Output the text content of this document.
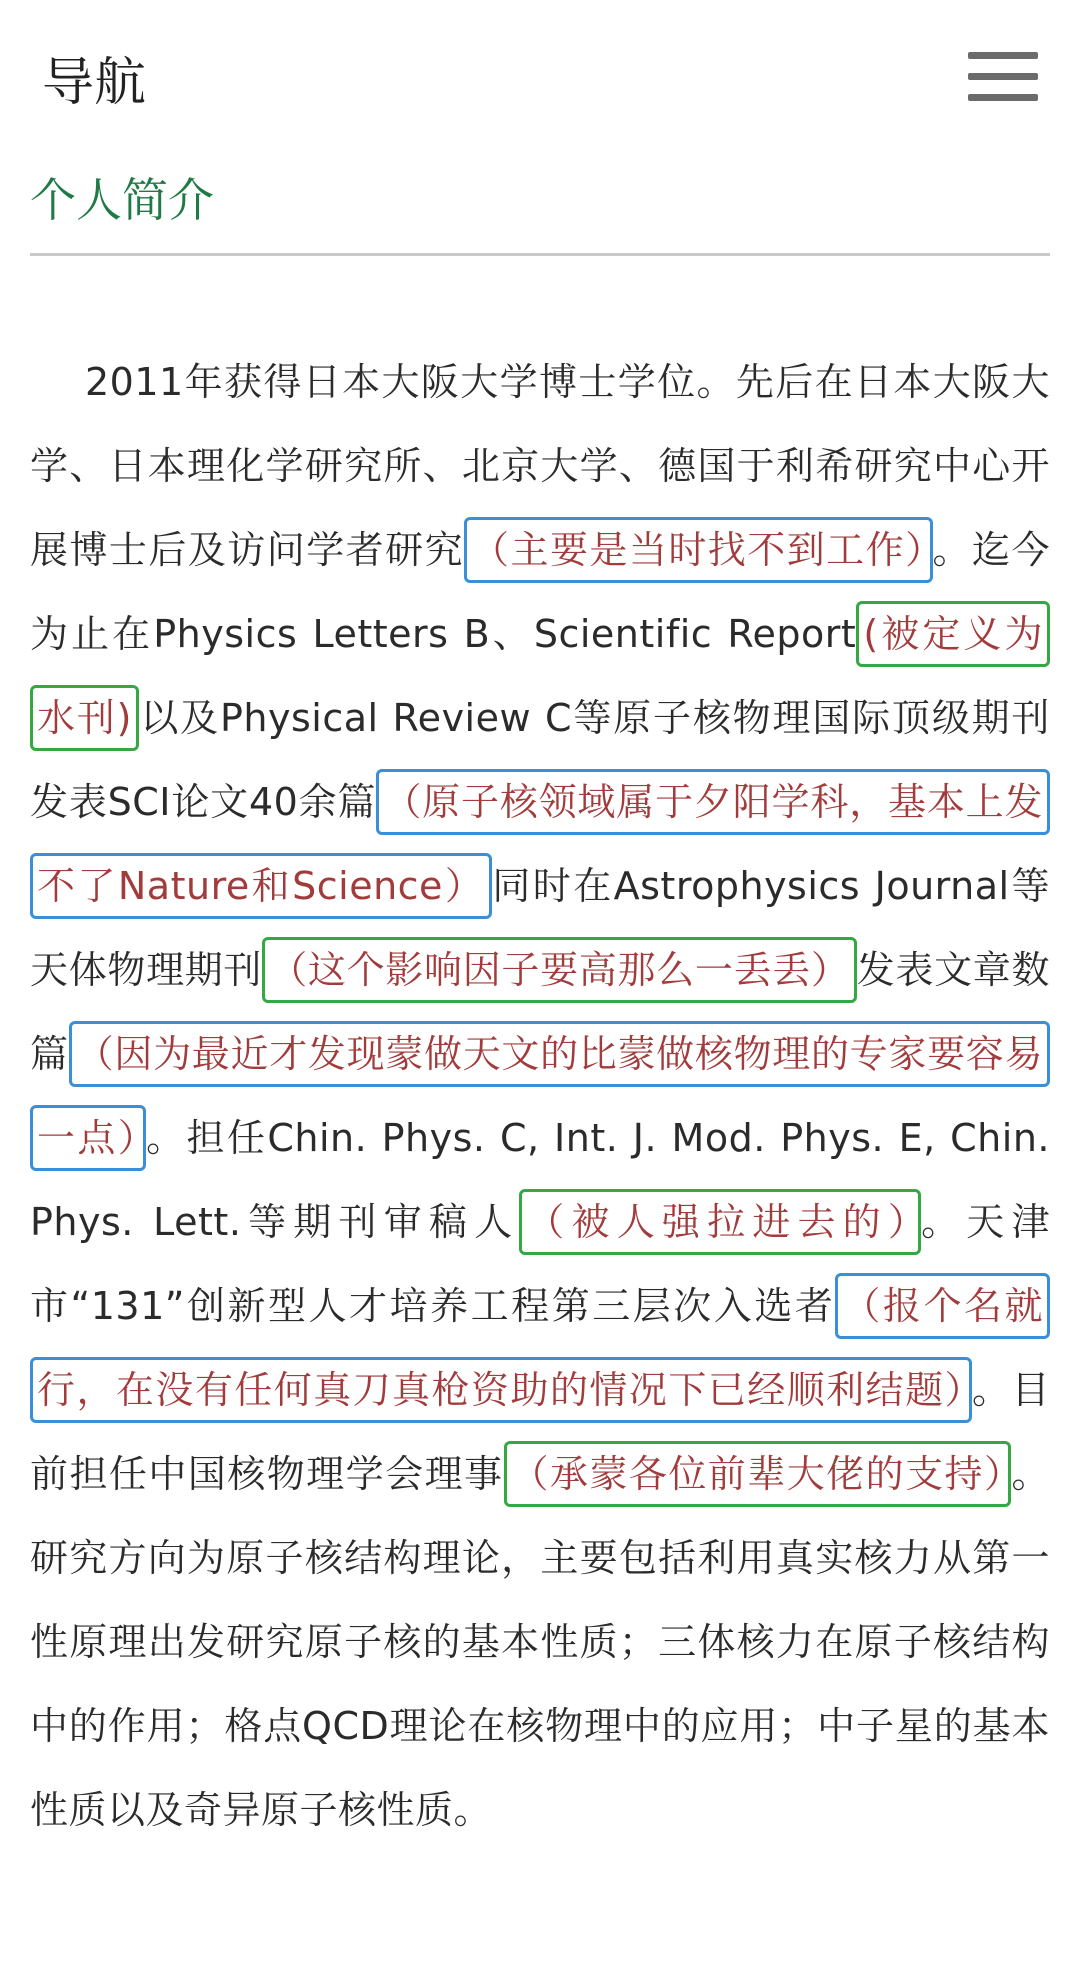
导航
个人简介

2011年获得日本大阪大学博士学位。先后在日本大阪大学、日本理化学研究所、北京大学、德国于利希研究中心开展博士后及访问学者研究 （主要是当时找不到工作） 。迄今为止在Physics Letters B、Scientific Report (被定义为水刊) 以及Physical Review C等原子核物理国际顶级期刊发表SCI论文40余篇 （原子核领域属于夕阳学科，基本上发不了Nature和Science） 同时在Astrophysics Journal等天体物理期刊 （这个影响因子要高那么一丢丢） 发表文章数篇 （因为最近才发现蒙做天文的比蒙做核物理的专家要容易一点） 。担任Chin. Phys. C, Int. J. Mod. Phys. E, Chin. Phys. Lett.等期刊审稿人 （被人强拉进去的） 。天津市“131”创新型人才培养工程第三层次入选者 （报个名就行，在没有任何真刀真枪资助的情况下已经顺利结题） 。目前担任中国核物理学会理事 （承蒙各位前辈大佬的支持） 。研究方向为原子核结构理论，主要包括利用真实核力从第一性原理出发研究原子核的基本性质；三体核力在原子核结构中的作用；格点QCD理论在核物理中的应用；中子星的基本性质以及奇异原子核性质。
